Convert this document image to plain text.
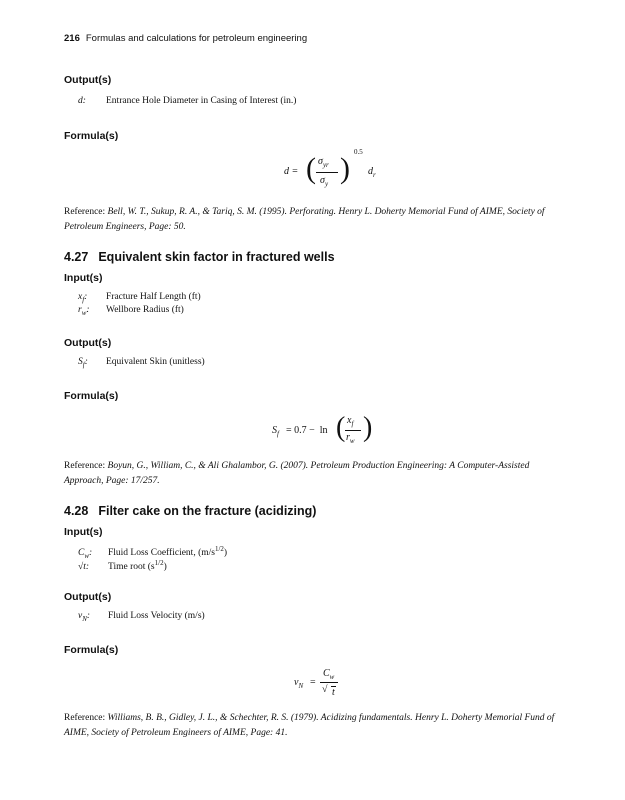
216 Formulas and calculations for petroleum engineering
Output(s)
d: Entrance Hole Diameter in Casing of Interest (in.)
Formula(s)
d = ( $\sigma_{yr}$
$\sigma_y$ ) 0.5
$d_r$
Reference: Bell, W. T., Sukup, R. A., & Tariq, S. M. (1995). Perforating. Henry L. Doherty Memorial Fund of AIME, Society of Petroleum Engineers, Page: 50.
4.27 Equivalent skin factor in fractured wells
Input(s)
$x_f$: Fracture Half Length (ft)
$r_w$: Wellbore Radius (ft)
Output(s)
$S_f$: Equivalent Skin (unitless)
Formula(s)
$S_f = 0.7 - \ln$ ( $x_f$
$r_w$ )
Reference: Boyun, G., William, C., & Ali Ghalambor, G. (2007). Petroleum Production Engineering: A Computer-Assisted Approach, Page: 17/257.
4.28 Filter cake on the fracture (acidizing)
Input(s)
$C_w$: Fluid Loss Coefficient, $(m/s^{1/2})$
√t: Time root $(s^{1/2})$
Output(s)
$v_N$: Fluid Loss Velocity (m/s)
Formula(s)
$v_N$ =
$C_w$
√ t
Reference: Williams, B. B., Gidley, J. L., & Schechter, R. S. (1979). Acidizing fundamentals. Henry L. Doherty Memorial Fund of AIME, Society of Petroleum Engineers of AIME, Page: 41.
